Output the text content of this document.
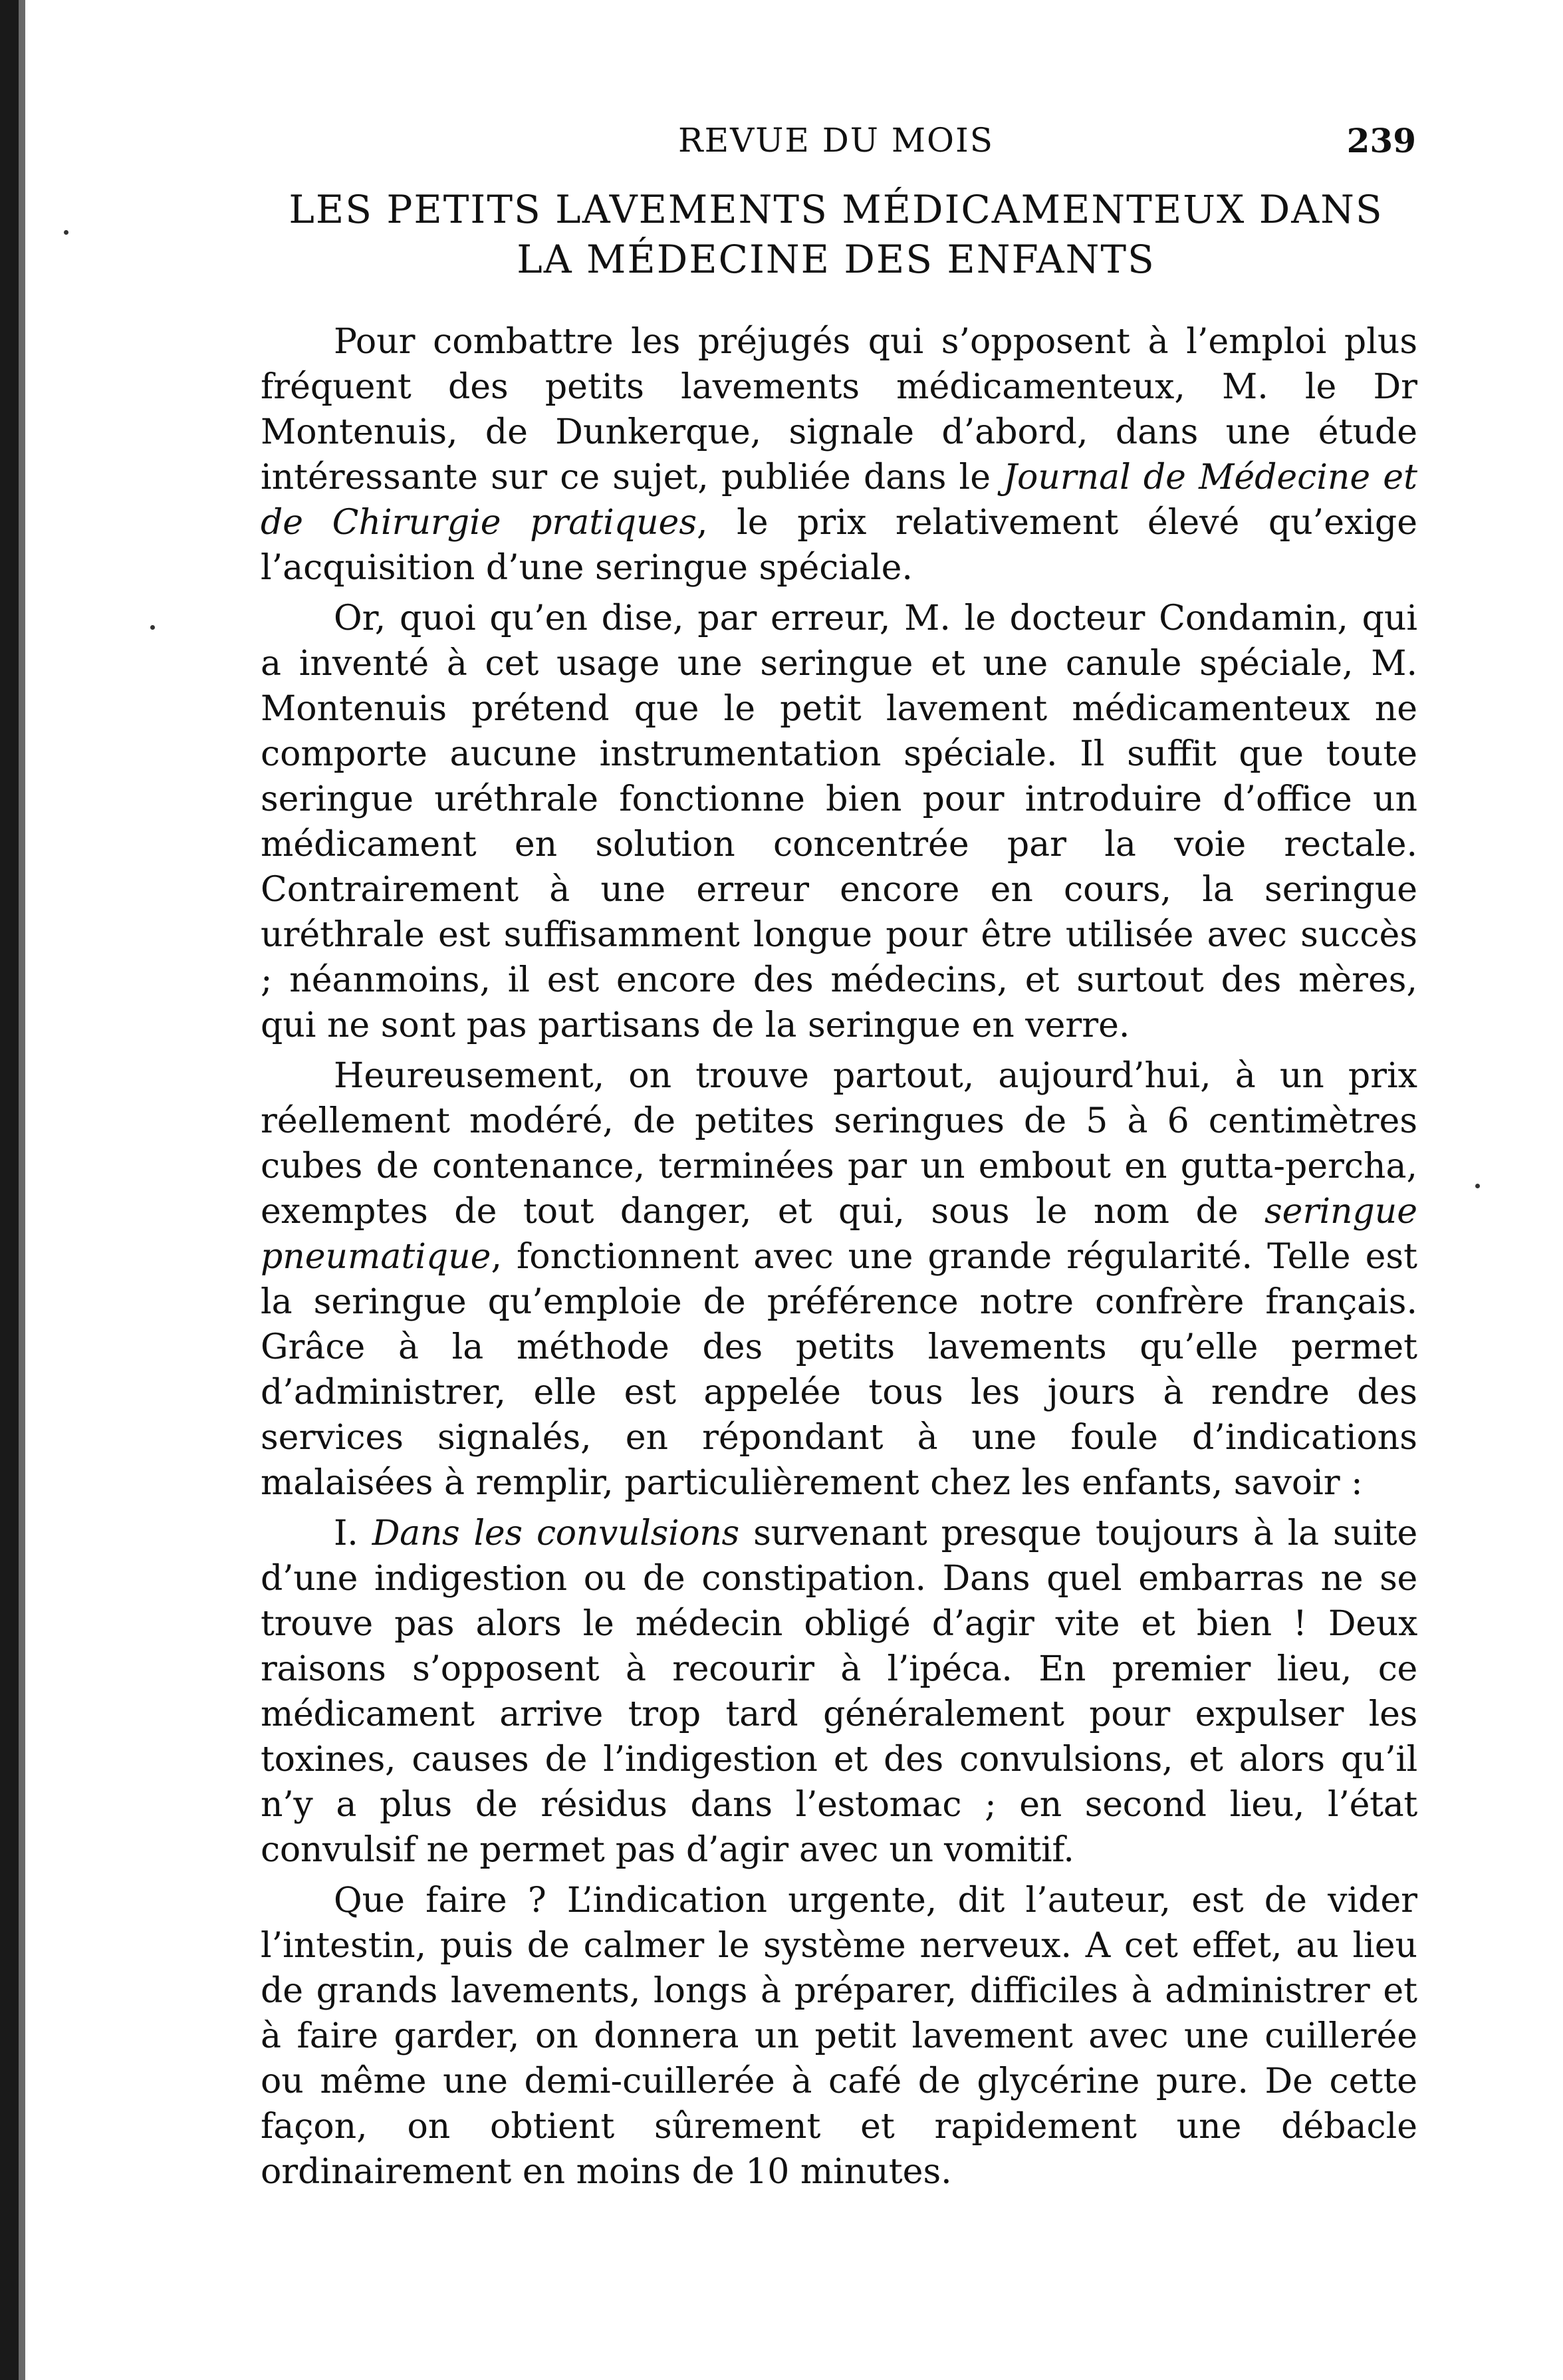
REVUE DU MOIS	239
LES PETITS LAVEMENTS MÉDICAMENTEUX DANS LA MÉDECINE DES ENFANTS

Pour combattre les préjugés qui s’opposent à l’emploi plus fréquent des petits lavements médicamenteux, M. le Dr Montenuis, de Dunkerque, signale d’abord, dans une étude intéressante sur ce sujet, publiée dans le Journal de Médecine et de Chirurgie pratiques, le prix relativement élevé qu’exige l’acquisition d’une seringue spéciale.

Or, quoi qu’en dise, par erreur, M. le docteur Condamin, qui a inventé à cet usage une seringue et une canule spéciale, M. Montenuis prétend que le petit lavement médicamenteux ne comporte aucune instrumentation spéciale. Il suffit que toute seringue uréthrale fonctionne bien pour introduire d’office un médicament en solution concentrée par la voie rectale. Contrairement à une erreur encore en cours, la seringue uréthrale est suffisamment longue pour être utilisée avec succès ; néanmoins, il est encore des médecins, et surtout des mères, qui ne sont pas partisans de la seringue en verre.

Heureusement, on trouve partout, aujourd’hui, à un prix réellement modéré, de petites seringues de 5 à 6 centimètres cubes de contenance, terminées par un embout en gutta-percha, exemptes de tout danger, et qui, sous le nom de seringue pneumatique, fonctionnent avec une grande régularité. Telle est la seringue qu’emploie de préférence notre confrère français. Grâce à la méthode des petits lavements qu’elle permet d’administrer, elle est appelée tous les jours à rendre des services signalés, en répondant à une foule d’indications malaisées à remplir, particulièrement chez les enfants, savoir :

I. Dans les convulsions survenant presque toujours à la suite d’une indigestion ou de constipation. Dans quel embarras ne se trouve pas alors le médecin obligé d’agir vite et bien ! Deux raisons s’opposent à recourir à l’ipéca. En premier lieu, ce médicament arrive trop tard généralement pour expulser les toxines, causes de l’indigestion et des convulsions, et alors qu’il n’y a plus de résidus dans l’estomac ; en second lieu, l’état convulsif ne permet pas d’agir avec un vomitif.

Que faire ? L’indication urgente, dit l’auteur, est de vider l’intestin, puis de calmer le système nerveux. A cet effet, au lieu de grands lavements, longs à préparer, difficiles à administrer et à faire garder, on donnera un petit lavement avec une cuillerée ou même une demi-cuillerée à café de glycérine pure. De cette façon, on obtient sûrement et rapidement une débacle ordinairement en moins de 10 minutes.
